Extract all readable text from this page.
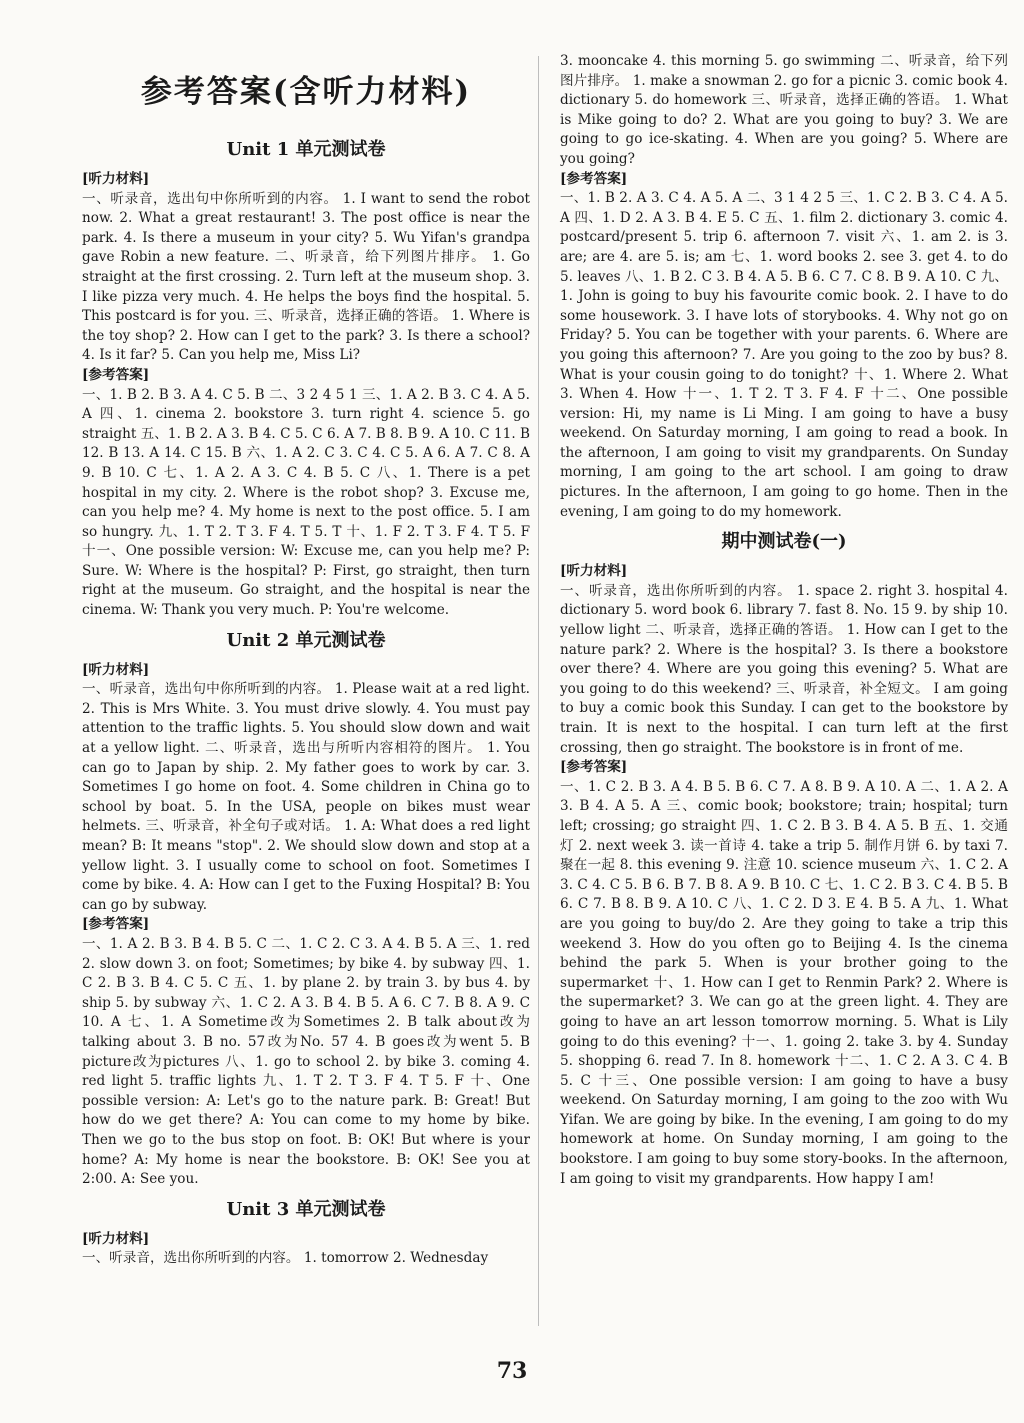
参考答案(含听力材料)
Unit 1 单元测试卷

[听力材料]

一、听录音，选出句中你所听到的内容。 1. I want to send the robot now. 2. What a great restaurant! 3. The post office is near the park. 4. Is there a museum in your city? 5. Wu Yifan's grandpa gave Robin a new feature. 二、听录音，给下列图片排序。 1. Go straight at the first crossing. 2. Turn left at the museum shop. 3. I like pizza very much. 4. He helps the boys find the hospital. 5. This postcard is for you. 三、听录音，选择正确的答语。 1. Where is the toy shop? 2. How can I get to the park? 3. Is there a school? 4. Is it far? 5. Can you help me, Miss Li?

[参考答案]

一、1. B 2. B 3. A 4. C 5. B 二、3 2 4 5 1 三、1. A 2. B 3. C 4. A 5. A 四、1. cinema 2. bookstore 3. turn right 4. science 5. go straight 五、1. B 2. A 3. B 4. C 5. C 6. A 7. B 8. B 9. A 10. C 11. B 12. B 13. A 14. C 15. B 六、1. A 2. C 3. C 4. C 5. A 6. A 7. C 8. A 9. B 10. C 七、1. A 2. A 3. C 4. B 5. C 八、1. There is a pet hospital in my city. 2. Where is the robot shop? 3. Excuse me, can you help me? 4. My home is next to the post office. 5. I am so hungry. 九、1. T 2. T 3. F 4. T 5. T 十、1. F 2. T 3. F 4. T 5. F 十一、One possible version: W: Excuse me, can you help me? P: Sure. W: Where is the hospital? P: First, go straight, then turn right at the museum. Go straight, and the hospital is near the cinema. W: Thank you very much. P: You're welcome.

Unit 2 单元测试卷

[听力材料]

一、听录音，选出句中你所听到的内容。 1. Please wait at a red light. 2. This is Mrs White. 3. You must drive slowly. 4. You must pay attention to the traffic lights. 5. You should slow down and wait at a yellow light. 二、听录音，选出与所听内容相符的图片。 1. You can go to Japan by ship. 2. My father goes to work by car. 3. Sometimes I go home on foot. 4. Some children in China go to school by boat. 5. In the USA, people on bikes must wear helmets. 三、听录音，补全句子或对话。 1. A: What does a red light mean? B: It means "stop". 2. We should slow down and stop at a yellow light. 3. I usually come to school on foot. Sometimes I come by bike. 4. A: How can I get to the Fuxing Hospital? B: You can go by subway.

[参考答案]

一、1. A 2. B 3. B 4. B 5. C 二、1. C 2. C 3. A 4. B 5. A 三、1. red 2. slow down 3. on foot; Sometimes; by bike 4. by subway 四、1. C 2. B 3. B 4. C 5. C 五、1. by plane 2. by train 3. by bus 4. by ship 5. by subway 六、1. C 2. A 3. B 4. B 5. A 6. C 7. B 8. A 9. C 10. A 七、1. A Sometime改为Sometimes 2. B talk about改为talking about 3. B no. 57改为No. 57 4. B goes改为went 5. B picture改为pictures 八、1. go to school 2. by bike 3. coming 4. red light 5. traffic lights 九、1. T 2. T 3. F 4. T 5. F 十、One possible version: A: Let's go to the nature park. B: Great! But how do we get there? A: You can come to my home by bike. Then we go to the bus stop on foot. B: OK! But where is your home? A: My home is near the bookstore. B: OK! See you at 2:00. A: See you.

Unit 3 单元测试卷

[听力材料]

一、听录音，选出你所听到的内容。 1. tomorrow 2. Wednesday

3. mooncake 4. this morning 5. go swimming 二、听录音，给下列图片排序。 1. make a snowman 2. go for a picnic 3. comic book 4. dictionary 5. do homework 三、听录音，选择正确的答语。 1. What is Mike going to do? 2. What are you going to buy? 3. We are going to go ice-skating. 4. When are you going? 5. Where are you going?

[参考答案]

一、1. B 2. A 3. C 4. A 5. A 二、3 1 4 2 5 三、1. C 2. B 3. C 4. A 5. A 四、1. D 2. A 3. B 4. E 5. C 五、1. film 2. dictionary 3. comic 4. postcard/present 5. trip 6. afternoon 7. visit 六、1. am 2. is 3. are; are 4. are 5. is; am 七、1. word books 2. see 3. get 4. to do 5. leaves 八、1. B 2. C 3. B 4. A 5. B 6. C 7. C 8. B 9. A 10. C 九、1. John is going to buy his favourite comic book. 2. I have to do some housework. 3. I have lots of storybooks. 4. Why not go on Friday? 5. You can be together with your parents. 6. Where are you going this afternoon? 7. Are you going to the zoo by bus? 8. What is your cousin going to do tonight? 十、1. Where 2. What 3. When 4. How 十一、1. T 2. T 3. F 4. F 十二、One possible version: Hi, my name is Li Ming. I am going to have a busy weekend. On Saturday morning, I am going to read a book. In the afternoon, I am going to visit my grandparents. On Sunday morning, I am going to the art school. I am going to draw pictures. In the afternoon, I am going to go home. Then in the evening, I am going to do my homework.

期中测试卷(一)

[听力材料]

一、听录音，选出你所听到的内容。 1. space 2. right 3. hospital 4. dictionary 5. word book 6. library 7. fast 8. No. 15 9. by ship 10. yellow light 二、听录音，选择正确的答语。 1. How can I get to the nature park? 2. Where is the hospital? 3. Is there a bookstore over there? 4. Where are you going this evening? 5. What are you going to do this weekend? 三、听录音，补全短文。 I am going to buy a comic book this Sunday. I can get to the bookstore by train. It is next to the hospital. I can turn left at the first crossing, then go straight. The bookstore is in front of me.

[参考答案]

一、1. C 2. B 3. A 4. B 5. B 6. C 7. A 8. B 9. A 10. A 二、1. A 2. A 3. B 4. A 5. A 三、comic book; bookstore; train; hospital; turn left; crossing; go straight 四、1. C 2. B 3. B 4. A 5. B 五、1. 交通灯 2. next week 3. 读一首诗 4. take a trip 5. 制作月饼 6. by taxi 7. 聚在一起 8. this evening 9. 注意 10. science museum 六、1. C 2. A 3. C 4. C 5. B 6. B 7. B 8. A 9. B 10. C 七、1. C 2. B 3. C 4. B 5. B 6. C 7. B 8. B 9. A 10. C 八、1. C 2. D 3. E 4. B 5. A 九、1. What are you going to buy/do 2. Are they going to take a trip this weekend 3. How do you often go to Beijing 4. Is the cinema behind the park 5. When is your brother going to the supermarket 十、1. How can I get to Renmin Park? 2. Where is the supermarket? 3. We can go at the green light. 4. They are going to have an art lesson tomorrow morning. 5. What is Lily going to do this evening? 十一、1. going 2. take 3. by 4. Sunday 5. shopping 6. read 7. In 8. homework 十二、1. C 2. A 3. C 4. B 5. C 十三、One possible version: I am going to have a busy weekend. On Saturday morning, I am going to the zoo with Wu Yifan. We are going by bike. In the evening, I am going to do my homework at home. On Sunday morning, I am going to the bookstore. I am going to buy some story-books. In the afternoon, I am going to visit my grandparents. How happy I am!

73
